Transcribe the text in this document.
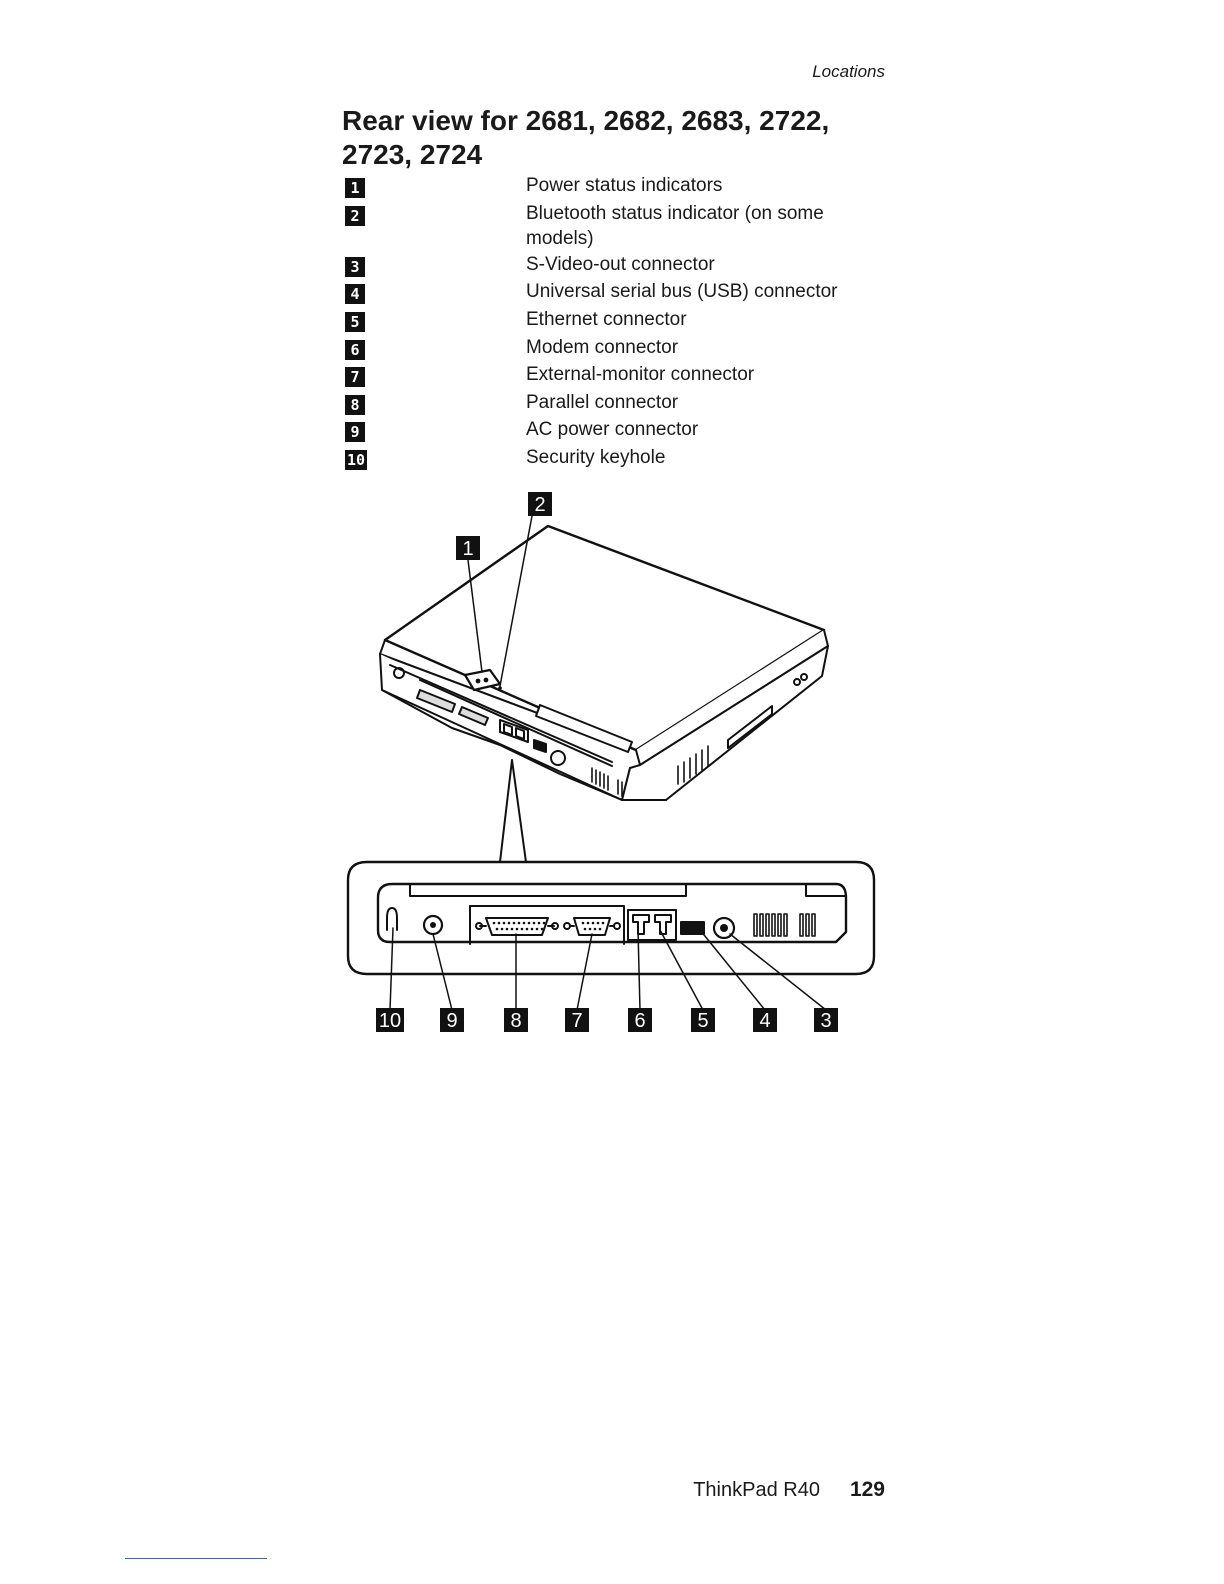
Locations
Rear view for 2681, 2682, 2683, 2722, 2723, 2724
1	Power status indicators
2	Bluetooth status indicator (on some models)
3	S-Video-out connector
4	Universal serial bus (USB) connector
5	Ethernet connector
6	Modem connector
7	External-monitor connector
8	Parallel connector
9	AC power connector
10	Security keyhole
1
2
10 9	8 7	6	5	4 3
ThinkPad R40 129
